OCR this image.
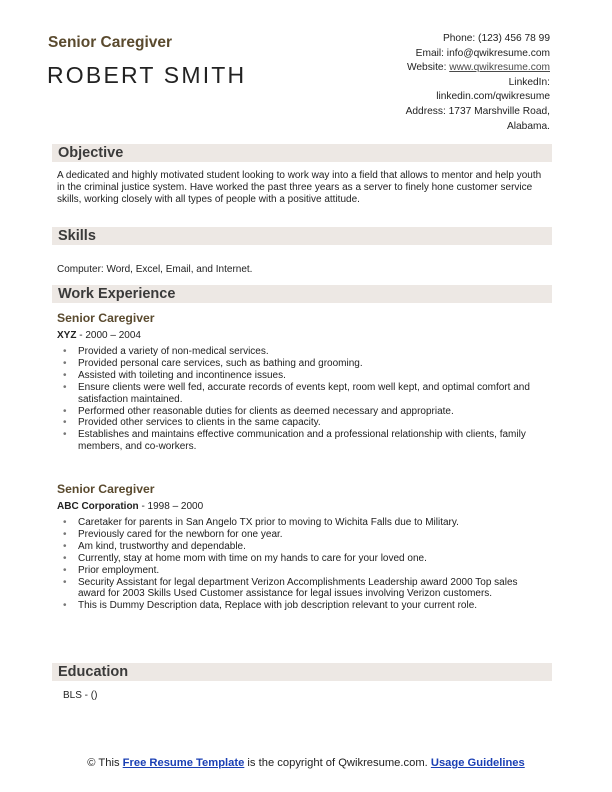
Senior Caregiver
ROBERT SMITH
Phone: (123) 456 78 99
Email: info@qwikresume.com
Website: www.qwikresume.com
LinkedIn:
linkedin.com/qwikresume
Address: 1737 Marshville Road,
Alabama.
Objective
A dedicated and highly motivated student looking to work way into a field that allows to mentor and help youth in the criminal justice system. Have worked the past three years as a server to finely hone customer service skills, working closely with all types of people with a positive attitude.
Skills
Computer: Word, Excel, Email, and Internet.
Work Experience
Senior Caregiver
XYZ - 2000 – 2004
• Provided a variety of non-medical services.
• Provided personal care services, such as bathing and grooming.
• Assisted with toileting and incontinence issues.
• Ensure clients were well fed, accurate records of events kept, room well kept, and optimal comfort and satisfaction maintained.
• Performed other reasonable duties for clients as deemed necessary and appropriate.
• Provided other services to clients in the same capacity.
• Establishes and maintains effective communication and a professional relationship with clients, family members, and co-workers.
Senior Caregiver
ABC Corporation - 1998 – 2000
• Caretaker for parents in San Angelo TX prior to moving to Wichita Falls due to Military.
• Previously cared for the newborn for one year.
• Am kind, trustworthy and dependable.
• Currently, stay at home mom with time on my hands to care for your loved one.
• Prior employment.
• Security Assistant for legal department Verizon Accomplishments Leadership award 2000 Top sales award for 2003 Skills Used Customer assistance for legal issues involving Verizon customers.
• This is Dummy Description data, Replace with job description relevant to your current role.
Education
BLS - ()
© This Free Resume Template is the copyright of Qwikresume.com. Usage Guidelines
